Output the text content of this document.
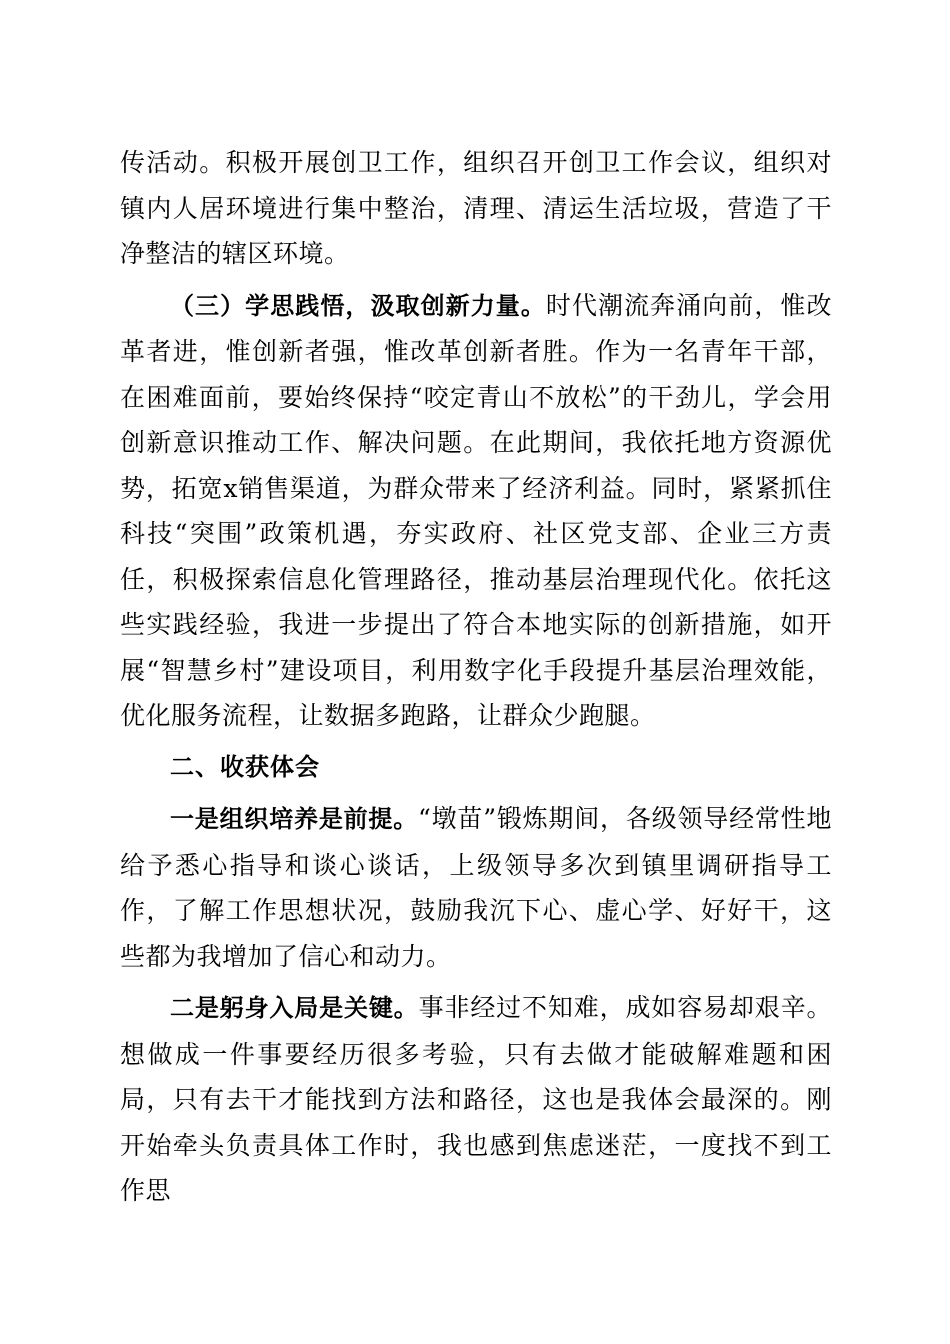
传活动。积极开展创卫工作，组织召开创卫工作会议，组织对镇内人居环境进行集中整治，清理、清运生活垃圾，营造了干净整洁的辖区环境。

（三）学思践悟，汲取创新力量。时代潮流奔涌向前，惟改革者进，惟创新者强，惟改革创新者胜。作为一名青年干部，在困难面前，要始终保持“咬定青山不放松”的干劲儿，学会用创新意识推动工作、解决问题。在此期间，我依托地方资源优势，拓宽x销售渠道，为群众带来了经济利益。同时，紧紧抓住科技“突围”政策机遇，夯实政府、社区党支部、企业三方责任，积极探索信息化管理路径，推动基层治理现代化。依托这些实践经验，我进一步提出了符合本地实际的创新措施，如开展“智慧乡村”建设项目，利用数字化手段提升基层治理效能，优化服务流程，让数据多跑路，让群众少跑腿。

二、收获体会

一是组织培养是前提。“墩苗”锻炼期间，各级领导经常性地给予悉心指导和谈心谈话，上级领导多次到镇里调研指导工作，了解工作思想状况，鼓励我沉下心、虚心学、好好干，这些都为我增加了信心和动力。

二是躬身入局是关键。事非经过不知难，成如容易却艰辛。想做成一件事要经历很多考验，只有去做才能破解难题和困局，只有去干才能找到方法和路径，这也是我体会最深的。刚开始牵头负责具体工作时，我也感到焦虑迷茫，一度找不到工作思
